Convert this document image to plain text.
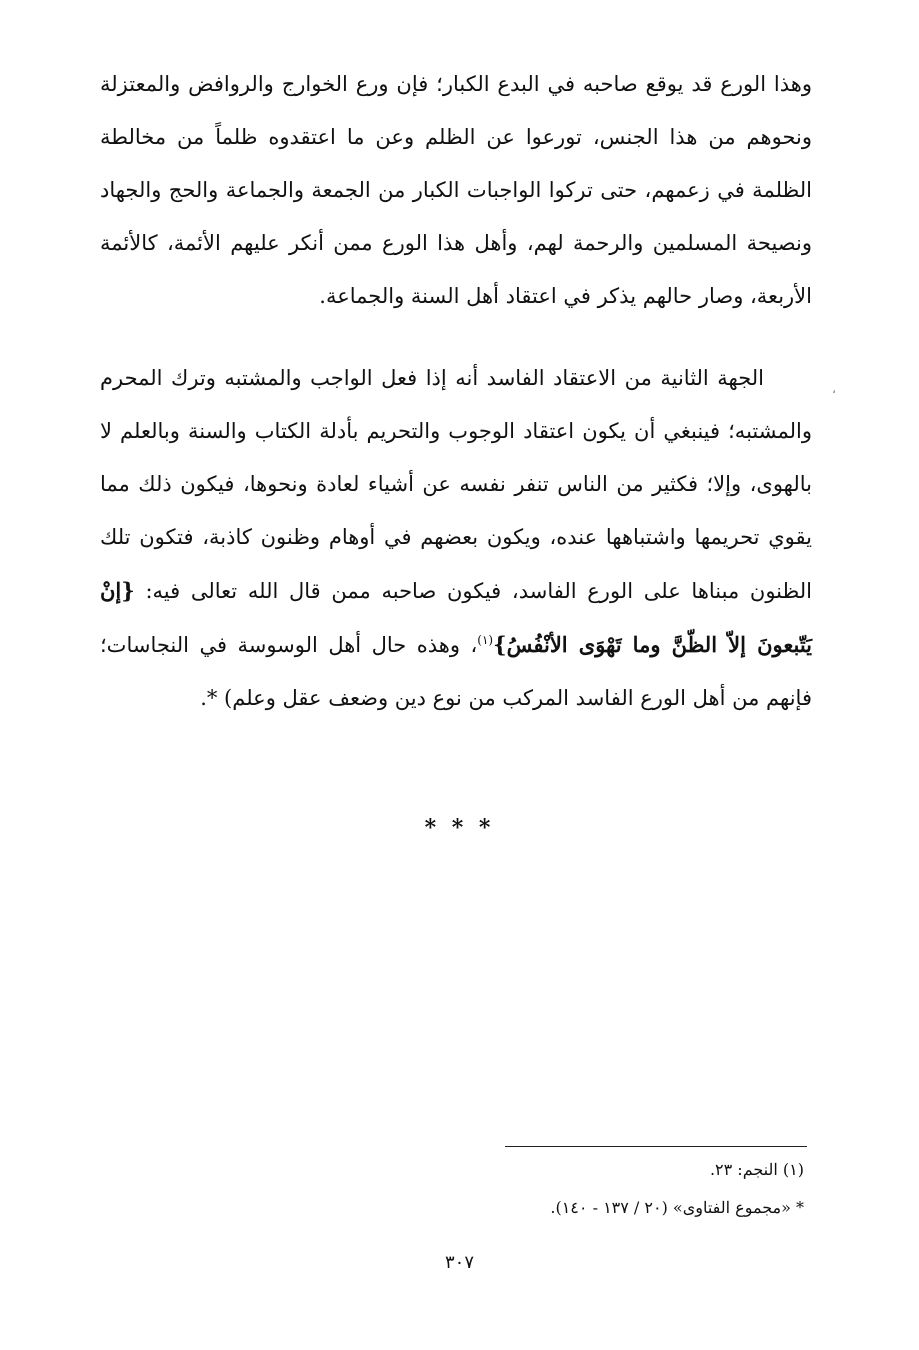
وهذا الورع قد يوقع صاحبه في البدع الكبار؛ فإن ورع الخوارج والروافض والمعتزلة ونحوهم من هذا الجنس، تورعوا عن الظلم وعن ما اعتقدوه ظلماً من مخالطة الظلمة في زعمهم، حتى تركوا الواجبات الكبار من الجمعة والجماعة والحج والجهاد ونصيحة المسلمين والرحمة لهم، وأهل هذا الورع ممن أنكر عليهم الأئمة، كالأئمة الأربعة، وصار حالهم يذكر في اعتقاد أهل السنة والجماعة.
الجهة الثانية من الاعتقاد الفاسد أنه إذا فعل الواجب والمشتبه وترك المحرم والمشتبه؛ فينبغي أن يكون اعتقاد الوجوب والتحريم بأدلة الكتاب والسنة وبالعلم لا بالهوى، وإلا؛ فكثير من الناس تنفر نفسه عن أشياء لعادة ونحوها، فيكون ذلك مما يقوي تحريمها واشتباهها عنده، ويكون بعضهم في أوهام وظنون كاذبة، فتكون تلك الظنون مبناها على الورع الفاسد، فيكون صاحبه ممن قال الله تعالى فيه: {إنْ يَتّبعونَ إلاّ الظّنَّ وما تَهْوَى الأنْفُسُ}$^{(١)}$، وهذه حال أهل الوسوسة في النجاسات؛ فإنهم من أهل الورع الفاسد المركب من نوع دين وضعف عقل وعلم) *.
،
* * *
(١) النجم: ٢٣.
* «مجموع الفتاوى» (٢٠ / ١٣٧ - ١٤٠).
٣٠٧
